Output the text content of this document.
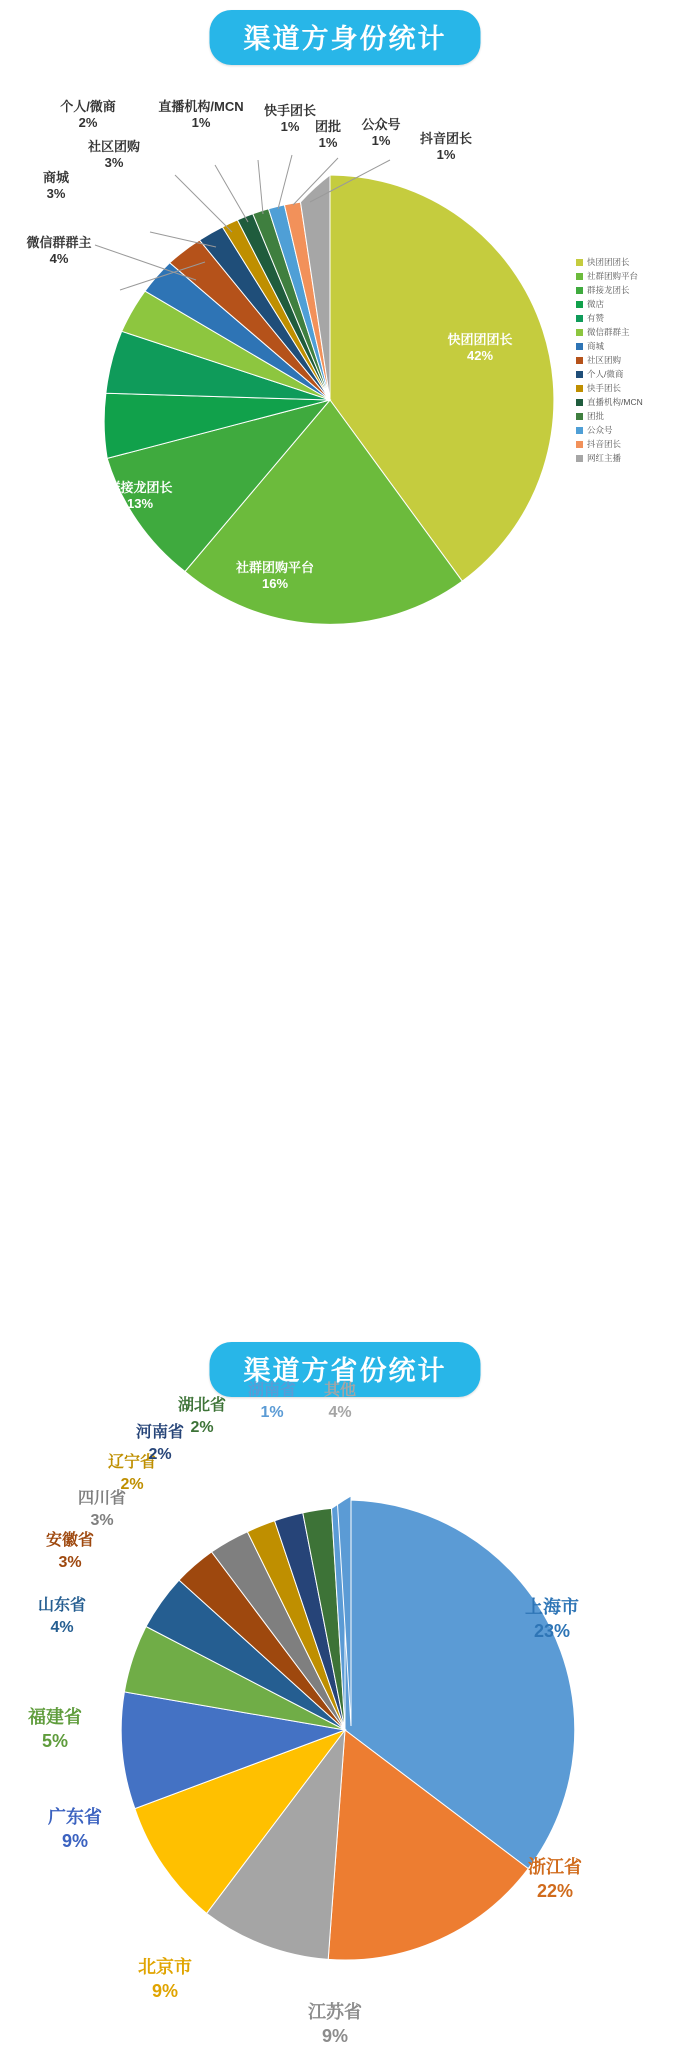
渠道方身份统计
快团团团长
42%
社群团购平台
16%
群接龙团长
13%
微店
6%
有赞
6%
微信群群主
4%
商城
3%
社区团购
3%
个人/微商
2%
快手团长
1%
直播机构/MCN
1%	团批
1%
公众号
1%	抖音团长
1%
快团团团长
社群团购平台
群接龙团长
微店
有赞
微信群群主
商城
社区团购
个人/微商
快手团长
直播机构/MCN
团批
公众号
抖音团长
网红主播
渠道方省份统计
上海市
23%
浙江省
22%
江苏省
9%
北京市
9%
广东省
9%
福建省
5%
山东省
4%
安徽省
3%
四川省
3%
辽宁省
2%
河南省
2%
湖北省
2%
湖南省
1%
其他
4%
